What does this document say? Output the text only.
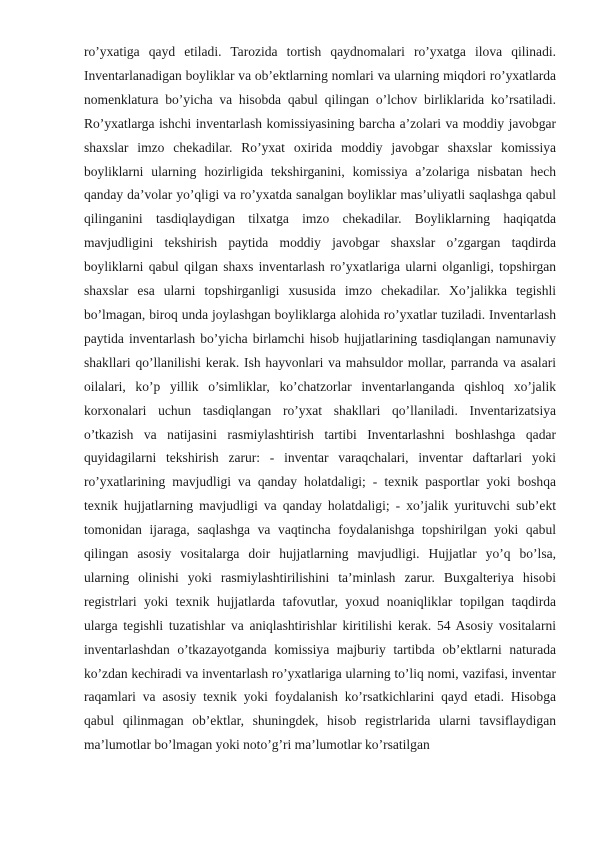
ro’yxatiga qayd etiladi. Tarozida tortish qaydnomalari ro’yxatga ilova qilinadi. Inventarlanadigan boyliklar va ob’ektlarning nomlari va ularning miqdori ro’yxatlarda nomenklatura bo’yicha va hisobda qabul qilingan o’lchov birliklarida ko’rsatiladi. Ro’yxatlarga ishchi inventarlash komissiyasining barcha a’zolari va moddiy javobgar shaxslar imzo chekadilar. Ro’yxat oxirida moddiy javobgar shaxslar komissiya boyliklarni ularning hozirligida tekshirganini, komissiya a’zolariga nisbatan hech qanday da’volar yo’qligi va ro’yxatda sanalgan boyliklar mas’uliyatli saqlashga qabul qilinganini tasdiqlaydigan tilxatga imzo chekadilar. Boyliklarning haqiqatda mavjudligini tekshirish paytida moddiy javobgar shaxslar o’zgargan taqdirda boyliklarni qabul qilgan shaxs inventarlash ro’yxatlariga ularni olganligi, topshirgan shaxslar esa ularni topshirganligi xususida imzo chekadilar. Xo’jalikka tegishli bo’lmagan, biroq unda joylashgan boyliklarga alohida ro’yxatlar tuziladi. Inventarlash paytida inventarlash bo’yicha birlamchi hisob hujjatlarining tasdiqlangan namunaviy shakllari qo’llanilishi kerak. Ish hayvonlari va mahsuldor mollar, parranda va asalari oilalari, ko’p yillik o’simliklar, ko’chatzorlar inventarlanganda qishloq xo’jalik korxonalari uchun tasdiqlangan ro’yxat shakllari qo’llaniladi. Inventarizatsiya o’tkazish va natijasini rasmiylashtirish tartibi Inventarlashni boshlashga qadar quyidagilarni tekshirish zarur: - inventar varaqchalari, inventar daftarlari yoki ro’yxatlarining mavjudligi va qanday holatdaligi; - texnik pasportlar yoki boshqa texnik hujjatlarning mavjudligi va qanday holatdaligi; - xo’jalik yurituvchi sub’ekt tomonidan ijaraga, saqlashga va vaqtincha foydalanishga topshirilgan yoki qabul qilingan asosiy vositalarga doir hujjatlarning mavjudligi. Hujjatlar yo’q bo’lsa, ularning olinishi yoki rasmiylashtirilishini ta’minlash zarur. Buxgalteriya hisobi registrlari yoki texnik hujjatlarda tafovutlar, yoxud noaniqliklar topilgan taqdirda ularga tegishli tuzatishlar va aniqlashtirishlar kiritilishi kerak. 54 Asosiy vositalarni inventarlashdan o’tkazayotganda komissiya majburiy tartibda ob’ektlarni naturada ko’zdan kechiradi va inventarlash ro’yxatlariga ularning to’liq nomi, vazifasi, inventar raqamlari va asosiy texnik yoki foydalanish ko’rsatkichlarini qayd etadi. Hisobga qabul qilinmagan ob’ektlar, shuningdek, hisob registrlarida ularni tavsiflaydigan ma’lumotlar bo’lmagan yoki noto’g’ri ma’lumotlar ko’rsatilgan
